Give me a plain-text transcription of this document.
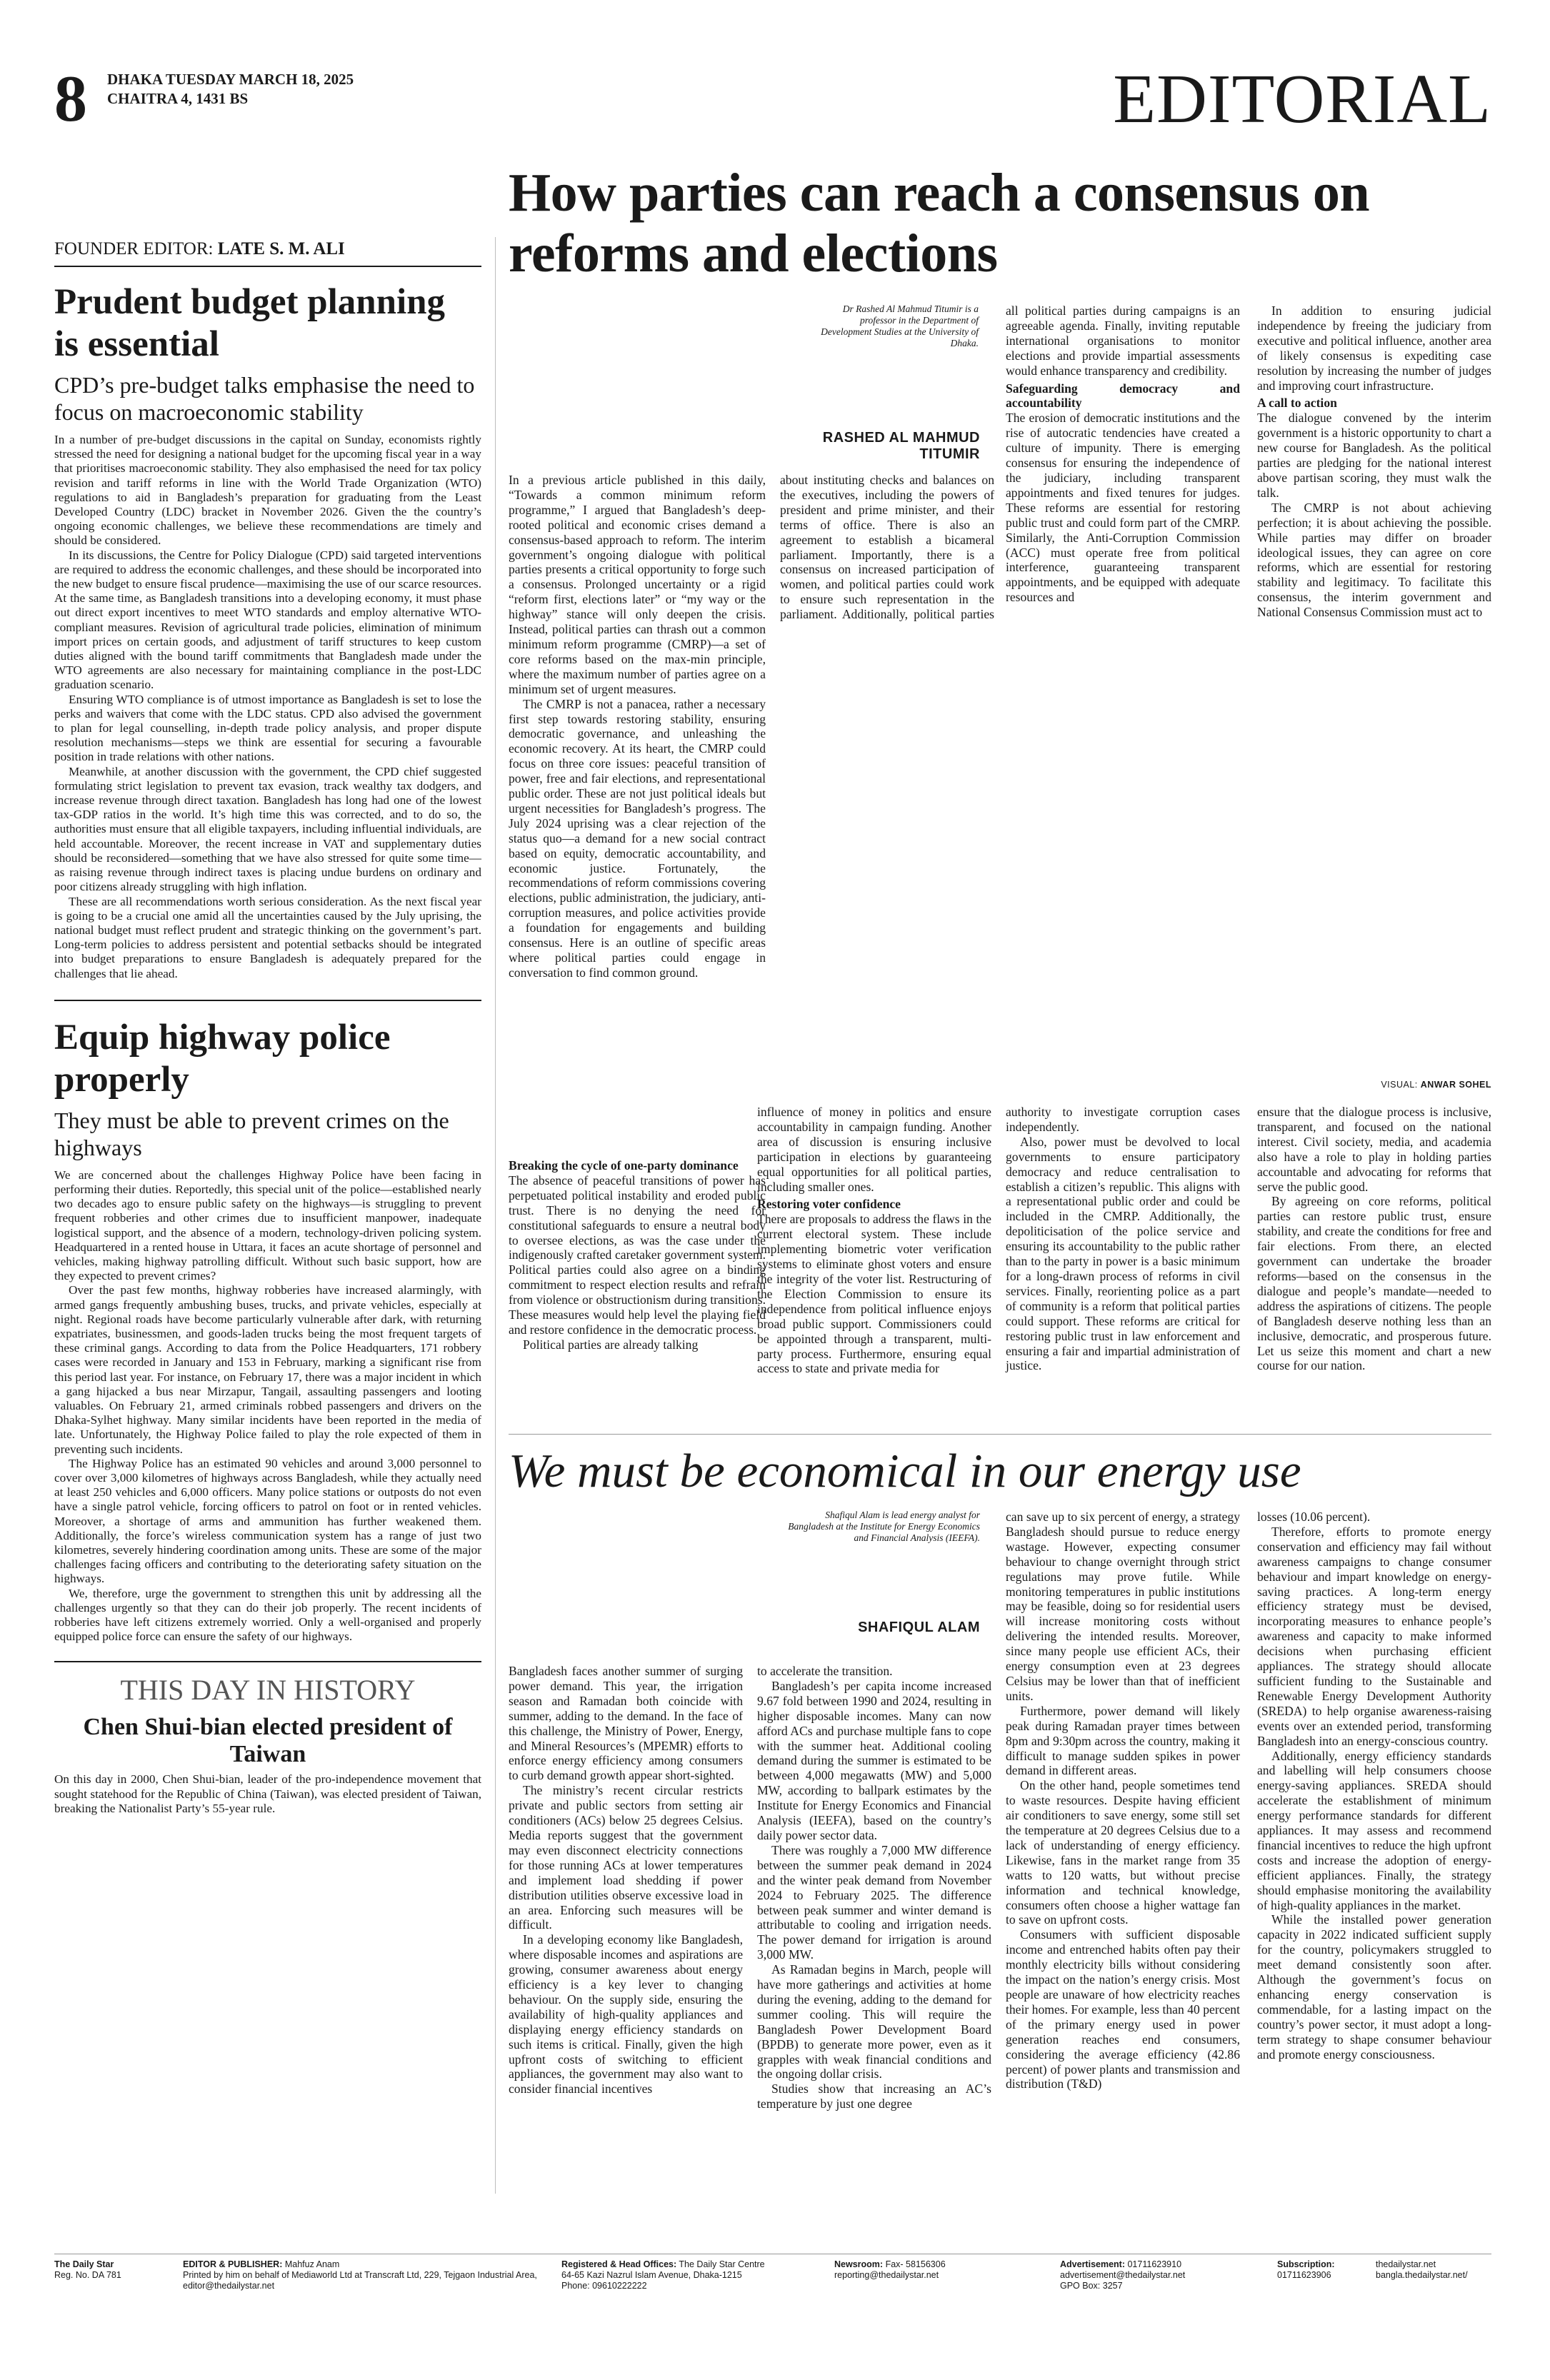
8 DHAKA TUESDAY MARCH 18, 2025
CHAITRA 4, 1431 BS	EDITORIAL
FOUNDER EDITOR: LATE S. M. ALI
Prudent budget planning is essential
CPD’s pre-budget talks emphasise the need to focus on macroeconomic stability

In a number of pre-budget discussions in the capital on Sunday, economists rightly stressed the need for designing a national budget for the upcoming fiscal year in a way that prioritises macroeconomic stability. They also emphasised the need for tax policy revision and tariff reforms in line with the World Trade Organization (WTO) regulations to aid in Bangladesh’s preparation for graduating from the Least Developed Country (LDC) bracket in November 2026. Given the the country’s ongoing economic challenges, we believe these recommendations are timely and should be considered.

In its discussions, the Centre for Policy Dialogue (CPD) said targeted interventions are required to address the economic challenges, and these should be incorporated into the new budget to ensure fiscal prudence—maximising the use of our scarce resources. At the same time, as Bangladesh transitions into a developing economy, it must phase out direct export incentives to meet WTO standards and employ alternative WTO-compliant measures. Revision of agricultural trade policies, elimination of minimum import prices on certain goods, and adjustment of tariff structures to keep custom duties aligned with the bound tariff commitments that Bangladesh made under the WTO agreements are also necessary for maintaining compliance in the post-LDC graduation scenario.

Ensuring WTO compliance is of utmost importance as Bangladesh is set to lose the perks and waivers that come with the LDC status. CPD also advised the government to plan for legal counselling, in-depth trade policy analysis, and proper dispute resolution mechanisms—steps we think are essential for securing a favourable position in trade relations with other nations.

Meanwhile, at another discussion with the government, the CPD chief suggested formulating strict legislation to prevent tax evasion, track wealthy tax dodgers, and increase revenue through direct taxation. Bangladesh has long had one of the lowest tax-GDP ratios in the world. It’s high time this was corrected, and to do so, the authorities must ensure that all eligible taxpayers, including influential individuals, are held accountable. Moreover, the recent increase in VAT and supplementary duties should be reconsidered—something that we have also stressed for quite some time—as raising revenue through indirect taxes is placing undue burdens on ordinary and poor citizens already struggling with high inflation.

These are all recommendations worth serious consideration. As the next fiscal year is going to be a crucial one amid all the uncertainties caused by the July uprising, the national budget must reflect prudent and strategic thinking on the government’s part. Long-term policies to address persistent and potential setbacks should be integrated into budget preparations to ensure Bangladesh is adequately prepared for the challenges that lie ahead.

Equip highway police properly
They must be able to prevent crimes on the highways

We are concerned about the challenges Highway Police have been facing in performing their duties. Reportedly, this special unit of the police—established nearly two decades ago to ensure public safety on the highways—is struggling to prevent frequent robberies and other crimes due to insufficient manpower, inadequate logistical support, and the absence of a modern, technology-driven policing system. Headquartered in a rented house in Uttara, it faces an acute shortage of personnel and vehicles, making highway patrolling difficult. Without such basic support, how are they expected to prevent crimes?

Over the past few months, highway robberies have increased alarmingly, with armed gangs frequently ambushing buses, trucks, and private vehicles, especially at night. Regional roads have become particularly vulnerable after dark, with returning expatriates, businessmen, and goods-laden trucks being the most frequent targets of these criminal gangs. According to data from the Police Headquarters, 171 robbery cases were recorded in January and 153 in February, marking a significant rise from this period last year. For instance, on February 17, there was a major incident in which a gang hijacked a bus near Mirzapur, Tangail, assaulting passengers and looting valuables. On February 21, armed criminals robbed passengers and drivers on the Dhaka-Sylhet highway. Many similar incidents have been reported in the media of late. Unfortunately, the Highway Police failed to play the role expected of them in preventing such incidents.

The Highway Police has an estimated 90 vehicles and around 3,000 personnel to cover over 3,000 kilometres of highways across Bangladesh, while they actually need at least 250 vehicles and 6,000 officers. Many police stations or outposts do not even have a single patrol vehicle, forcing officers to patrol on foot or in rented vehicles. Moreover, a shortage of arms and ammunition has further weakened them. Additionally, the force’s wireless communication system has a range of just two kilometres, severely hindering coordination among units. These are some of the major challenges facing officers and contributing to the deteriorating safety situation on the highways.

We, therefore, urge the government to strengthen this unit by addressing all the challenges urgently so that they can do their job properly. The recent incidents of robberies have left citizens extremely worried. Only a well-organised and properly equipped police force can ensure the safety of our highways.

THIS DAY IN HISTORY
Chen Shui-bian elected president of Taiwan

On this day in 2000, Chen Shui-bian, leader of the pro-independence movement that sought statehood for the Republic of China (Taiwan), was elected president of Taiwan, breaking the Nationalist Party’s 55-year rule.

How parties can reach a consensus on reforms and elections
Dr Rashed Al Mahmud Titumir is a professor in the Department of Development Studies at the University of Dhaka.
RASHED AL MAHMUD TITUMIR

In a previous article published in this daily, “Towards a common minimum reform programme,” I argued that Bangladesh’s deep-rooted political and economic crises demand a consensus-based approach to reform. The interim government’s ongoing dialogue with political parties presents a critical opportunity to forge such a consensus. Prolonged uncertainty or a rigid “reform first, elections later” or “my way or the highway” stance will only deepen the crisis. Instead, political parties can thrash out a common minimum reform programme (CMRP)—a set of core reforms based on the max-min principle, where the maximum number of parties agree on a minimum set of urgent measures.

The CMRP is not a panacea, rather a necessary first step towards restoring stability, ensuring democratic governance, and unleashing the economic recovery. At its heart, the CMRP could focus on three core issues: peaceful transition of power, free and fair elections, and representational public order. These are not just political ideals but urgent necessities for Bangladesh’s progress. The July 2024 uprising was a clear rejection of the status quo—a demand for a new social contract based on equity, democratic accountability, and economic justice. Fortunately, the recommendations of reform commissions covering elections, public administration, the judiciary, anti-corruption measures, and police activities provide a foundation for engagements and building consensus. Here is an outline of specific areas where political parties could engage in conversation to find common ground.

about instituting checks and balances on the executives, including the powers of president and prime minister, and their terms of office. There is also an agreement to establish a bicameral parliament. Importantly, there is a consensus on increased participation of women, and political parties could work to ensure such representation in the parliament. Additionally, political parties

all political parties during campaigns is an agreeable agenda. Finally, inviting reputable international organisations to monitor elections and provide impartial assessments would enhance transparency and credibility.

Safeguarding democracy and accountability

The erosion of democratic institutions and the rise of autocratic tendencies have created a culture of impunity. There is emerging consensus for ensuring the independence of the judiciary, including transparent appointments and fixed tenures for judges. These reforms are essential for restoring public trust and could form part of the CMRP. Similarly, the Anti-Corruption Commission (ACC) must operate free from political interference, guaranteeing transparent appointments, and be equipped with adequate resources and

In addition to ensuring judicial independence by freeing the judiciary from executive and political influence, another area of likely consensus is expediting case resolution by increasing the number of judges and improving court infrastructure.

A call to action

The dialogue convened by the interim government is a historic opportunity to chart a new course for Bangladesh. As the political parties are pledging for the national interest above partisan scoring, they must walk the talk.

The CMRP is not about achieving perfection; it is about achieving the possible. While parties may differ on broader ideological issues, they can agree on core reforms, which are essential for restoring stability and legitimacy. To facilitate this consensus, the interim government and National Consensus Commission must act to

VISUAL: ANWAR SOHEL
Breaking the cycle of one-party dominance

The absence of peaceful transitions of power has perpetuated political instability and eroded public trust. There is no denying the need for constitutional safeguards to ensure a neutral body to oversee elections, as was the case under the indigenously crafted caretaker government system. Political parties could also agree on a binding commitment to respect election results and refrain from violence or obstructionism during transitions. These measures would help level the playing field and restore confidence in the democratic process.

Political parties are already talking

influence of money in politics and ensure accountability in campaign funding. Another area of discussion is ensuring inclusive participation in elections by guaranteeing equal opportunities for all political parties, including smaller ones.

Restoring voter confidence

There are proposals to address the flaws in the current electoral system. These include implementing biometric voter verification systems to eliminate ghost voters and ensure the integrity of the voter list. Restructuring of the Election Commission to ensure its independence from political influence enjoys broad public support. Commissioners could be appointed through a transparent, multi-party process. Furthermore, ensuring equal access to state and private media for

authority to investigate corruption cases independently.

Also, power must be devolved to local governments to ensure participatory democracy and reduce centralisation to establish a citizen’s republic. This aligns with a representational public order and could be included in the CMRP. Additionally, the depoliticisation of the police service and ensuring its accountability to the public rather than to the party in power is a basic minimum for a long-drawn process of reforms in civil services. Finally, reorienting police as a part of community is a reform that political parties could support. These reforms are critical for restoring public trust in law enforcement and ensuring a fair and impartial administration of justice.

ensure that the dialogue process is inclusive, transparent, and focused on the national interest. Civil society, media, and academia also have a role to play in holding parties accountable and advocating for reforms that serve the public good.

By agreeing on core reforms, political parties can restore public trust, ensure stability, and create the conditions for free and fair elections. From there, an elected government can undertake the broader reforms—based on the consensus in the dialogue and people’s mandate—needed to address the aspirations of citizens. The people of Bangladesh deserve nothing less than an inclusive, democratic, and prosperous future. Let us seize this moment and chart a new course for our nation.

We must be economical in our energy use
Shafiqul Alam is lead energy analyst for Bangladesh at the Institute for Energy Economics and Financial Analysis (IEEFA).
SHAFIQUL ALAM

Bangladesh faces another summer of surging power demand. This year, the irrigation season and Ramadan both coincide with summer, adding to the demand. In the face of this challenge, the Ministry of Power, Energy, and Mineral Resources’s (MPEMR) efforts to enforce energy efficiency among consumers to curb demand growth appear short-sighted.

The ministry’s recent circular restricts private and public sectors from setting air conditioners (ACs) below 25 degrees Celsius. Media reports suggest that the government may even disconnect electricity connections for those running ACs at lower temperatures and implement load shedding if power distribution utilities observe excessive load in an area. Enforcing such measures will be difficult.

In a developing economy like Bangladesh, where disposable incomes and aspirations are growing, consumer awareness about energy efficiency is a key lever to changing behaviour. On the supply side, ensuring the availability of high-quality appliances and displaying energy efficiency standards on such items is critical. Finally, given the high upfront costs of switching to efficient appliances, the government may also want to consider financial incentives

to accelerate the transition.

Bangladesh’s per capita income increased 9.67 fold between 1990 and 2024, resulting in higher disposable incomes. Many can now afford ACs and purchase multiple fans to cope with the summer heat. Additional cooling demand during the summer is estimated to be between 4,000 megawatts (MW) and 5,000 MW, according to ballpark estimates by the Institute for Energy Economics and Financial Analysis (IEEFA), based on the country’s daily power sector data.

There was roughly a 7,000 MW difference between the summer peak demand in 2024 and the winter peak demand from November 2024 to February 2025. The difference between peak summer and winter demand is attributable to cooling and irrigation needs. The power demand for irrigation is around 3,000 MW.

As Ramadan begins in March, people will have more gatherings and activities at home during the evening, adding to the demand for summer cooling. This will require the Bangladesh Power Development Board (BPDB) to generate more power, even as it grapples with weak financial conditions and the ongoing dollar crisis.

Studies show that increasing an AC’s temperature by just one degree

can save up to six percent of energy, a strategy Bangladesh should pursue to reduce energy wastage. However, expecting consumer behaviour to change overnight through strict regulations may prove futile. While monitoring temperatures in public institutions may be feasible, doing so for residential users will increase monitoring costs without delivering the intended results. Moreover, since many people use efficient ACs, their energy consumption even at 23 degrees Celsius may be lower than that of inefficient units.

Furthermore, power demand will likely peak during Ramadan prayer times between 8pm and 9:30pm across the country, making it difficult to manage sudden spikes in power demand in different areas.

On the other hand, people sometimes tend to waste resources. Despite having efficient air conditioners to save energy, some still set the temperature at 20 degrees Celsius due to a lack of understanding of energy efficiency. Likewise, fans in the market range from 35 watts to 120 watts, but without precise information and technical knowledge, consumers often choose a higher wattage fan to save on upfront costs.

Consumers with sufficient disposable income and entrenched habits often pay their monthly electricity bills without considering the impact on the nation’s energy crisis. Most people are unaware of how electricity reaches their homes. For example, less than 40 percent of the primary energy used in power generation reaches end consumers, considering the average efficiency (42.86 percent) of power plants and transmission and distribution (T&D)

losses (10.06 percent).

Therefore, efforts to promote energy conservation and efficiency may fail without awareness campaigns to change consumer behaviour and impart knowledge on energy-saving practices. A long-term energy efficiency strategy must be devised, incorporating measures to enhance people’s awareness and capacity to make informed decisions when purchasing efficient appliances. The strategy should allocate sufficient funding to the Sustainable and Renewable Energy Development Authority (SREDA) to help organise awareness-raising events over an extended period, transforming Bangladesh into an energy-conscious country.

Additionally, energy efficiency standards and labelling will help consumers choose energy-saving appliances. SREDA should accelerate the establishment of minimum energy performance standards for different appliances. It may assess and recommend financial incentives to reduce the high upfront costs and increase the adoption of energy-efficient appliances. Finally, the strategy should emphasise monitoring the availability of high-quality appliances in the market.

While the installed power generation capacity in 2022 indicated sufficient supply for the country, policymakers struggled to meet demand consistently soon after. Although the government’s focus on enhancing energy conservation is commendable, for a lasting impact on the country’s power sector, it must adopt a long-term strategy to shape consumer behaviour and promote energy consciousness.

The Daily Star
Reg. No. DA 781
EDITOR & PUBLISHER: Mahfuz Anam
Printed by him on behalf of Mediaworld Ltd at Transcraft Ltd, 229, Tejgaon Industrial Area, editor@thedailystar.net
Registered & Head Offices: The Daily Star Centre
64-65 Kazi Nazrul Islam Avenue, Dhaka-1215
Phone: 09610222222
Newsroom: Fax- 58156306
reporting@thedailystar.net
Advertisement: 01711623910
advertisement@thedailystar.net
GPO Box: 3257
Subscription:
01711623906
thedailystar.net
bangla.thedailystar.net/
